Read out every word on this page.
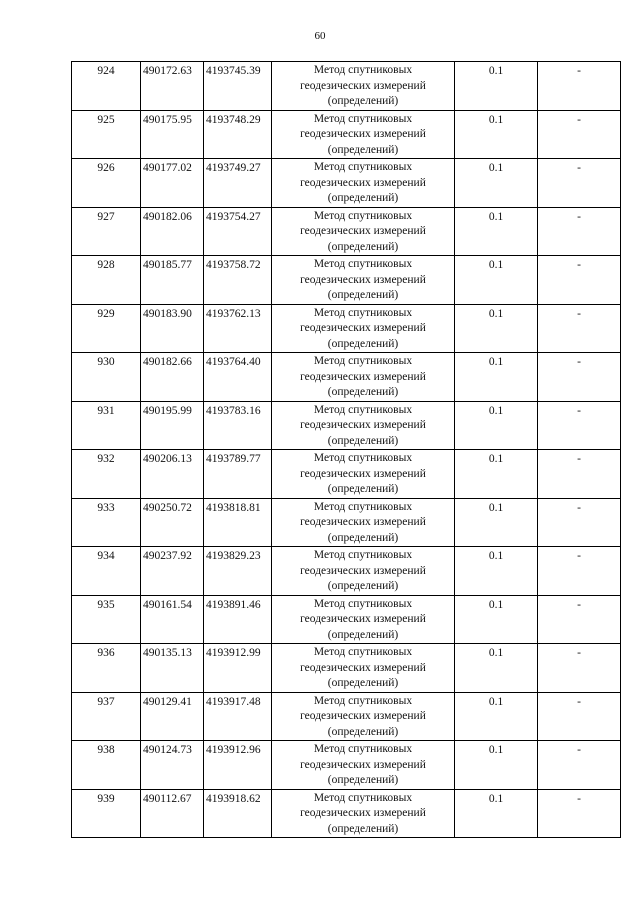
60
924	490172.63	4193745.39	Метод спутниковых
геодезических измерений
(определений)	0.1	-
925	490175.95	4193748.29	Метод спутниковых
геодезических измерений
(определений)	0.1	-
926	490177.02	4193749.27	Метод спутниковых
геодезических измерений
(определений)	0.1	-
927	490182.06	4193754.27	Метод спутниковых
геодезических измерений
(определений)	0.1	-
928	490185.77	4193758.72	Метод спутниковых
геодезических измерений
(определений)	0.1	-
929	490183.90	4193762.13	Метод спутниковых
геодезических измерений
(определений)	0.1	-
930	490182.66	4193764.40	Метод спутниковых
геодезических измерений
(определений)	0.1	-
931	490195.99	4193783.16	Метод спутниковых
геодезических измерений
(определений)	0.1	-
932	490206.13	4193789.77	Метод спутниковых
геодезических измерений
(определений)	0.1	-
933	490250.72	4193818.81	Метод спутниковых
геодезических измерений
(определений)	0.1	-
934	490237.92	4193829.23	Метод спутниковых
геодезических измерений
(определений)	0.1	-
935	490161.54	4193891.46	Метод спутниковых
геодезических измерений
(определений)	0.1	-
936	490135.13	4193912.99	Метод спутниковых
геодезических измерений
(определений)	0.1	-
937	490129.41	4193917.48	Метод спутниковых
геодезических измерений
(определений)	0.1	-
938	490124.73	4193912.96	Метод спутниковых
геодезических измерений
(определений)	0.1	-
939	490112.67	4193918.62	Метод спутниковых
геодезических измерений
(определений)	0.1	-
